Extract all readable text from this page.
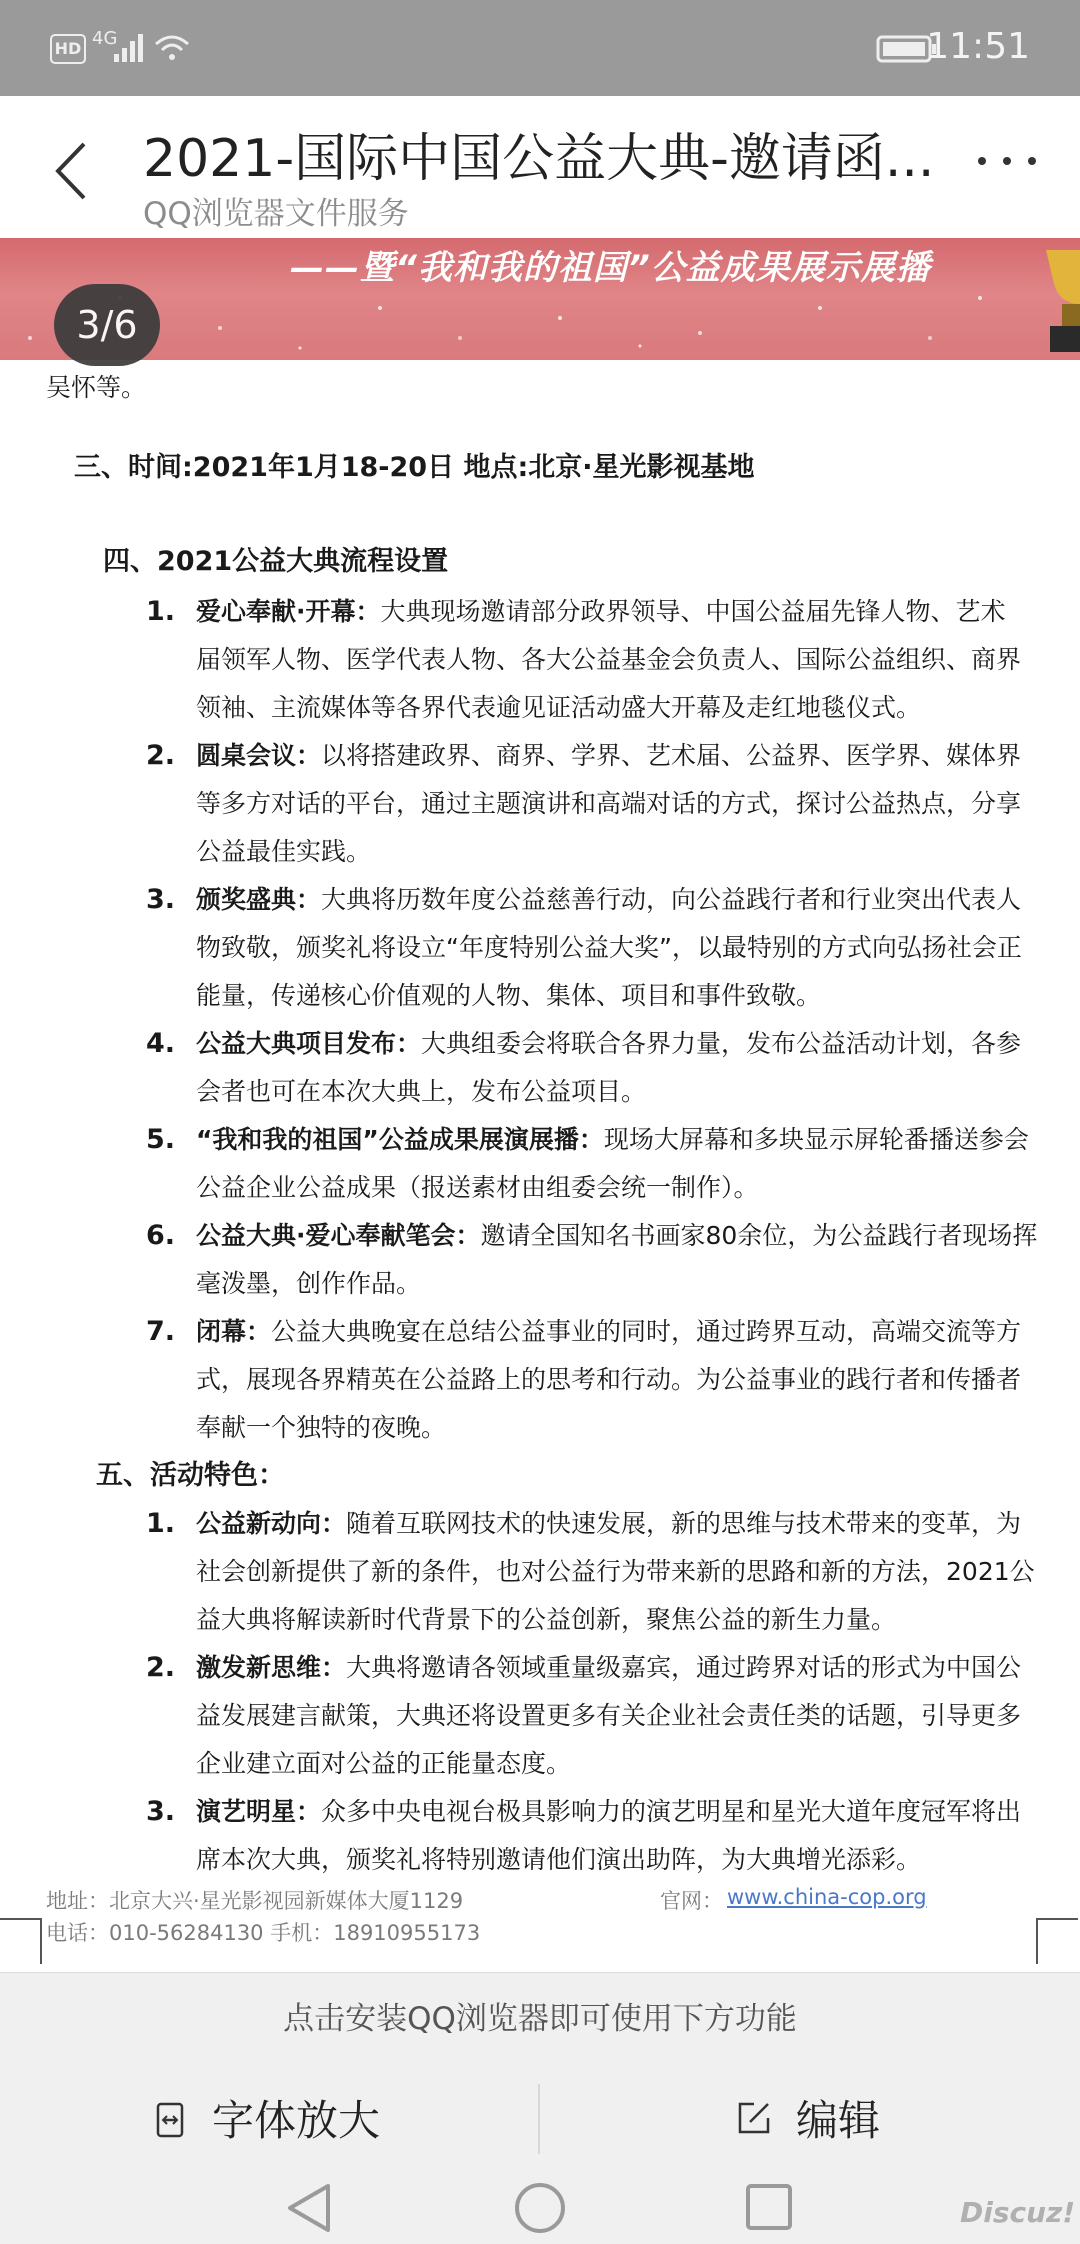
HD 4G	11:51
2021-国际中国公益大典-邀请函...
QQ浏览器文件服务
——暨“我和我的祖国”公益成果展示展播
3/6
吴怀等。
三、时间:2021年1月18-20日 地点:北京·星光影视基地
四、2021公益大典流程设置
1. 爱心奉献·开幕：大典现场邀请部分政界领导、中国公益届先锋人物、艺术
届领军人物、医学代表人物、各大公益基金会负责人、国际公益组织、商界
领袖、主流媒体等各界代表逾见证活动盛大开幕及走红地毯仪式。
2. 圆桌会议：以将搭建政界、商界、学界、艺术届、公益界、医学界、媒体界
等多方对话的平台，通过主题演讲和高端对话的方式，探讨公益热点，分享
公益最佳实践。
3. 颁奖盛典：大典将历数年度公益慈善行动，向公益践行者和行业突出代表人
物致敬，颁奖礼将设立“年度特别公益大奖”，以最特别的方式向弘扬社会正
能量，传递核心价值观的人物、集体、项目和事件致敬。
4. 公益大典项目发布：大典组委会将联合各界力量，发布公益活动计划，各参
会者也可在本次大典上，发布公益项目。
5. “我和我的祖国”公益成果展演展播：现场大屏幕和多块显示屏轮番播送参会
公益企业公益成果（报送素材由组委会统一制作）。
6. 公益大典·爱心奉献笔会：邀请全国知名书画家80余位，为公益践行者现场挥
毫泼墨，创作作品。
7. 闭幕：公益大典晚宴在总结公益事业的同时，通过跨界互动，高端交流等方
式，展现各界精英在公益路上的思考和行动。为公益事业的践行者和传播者
奉献一个独特的夜晚。
五、活动特色：
1. 公益新动向：随着互联网技术的快速发展，新的思维与技术带来的变革，为
社会创新提供了新的条件，也对公益行为带来新的思路和新的方法，2021公
益大典将解读新时代背景下的公益创新，聚焦公益的新生力量。
2. 激发新思维：大典将邀请各领域重量级嘉宾，通过跨界对话的形式为中国公
益发展建言献策，大典还将设置更多有关企业社会责任类的话题，引导更多
企业建立面对公益的正能量态度。
3. 演艺明星：众多中央电视台极具影响力的演艺明星和星光大道年度冠军将出
席本次大典，颁奖礼将特别邀请他们演出助阵，为大典增光添彩。
地址：北京大兴·星光影视园新媒体大厦1129
电话：010-56284130 手机：18910955173
官网： www.china-cop.org
点击安装QQ浏览器即可使用下方功能
字体放大	编辑
Discuz!
